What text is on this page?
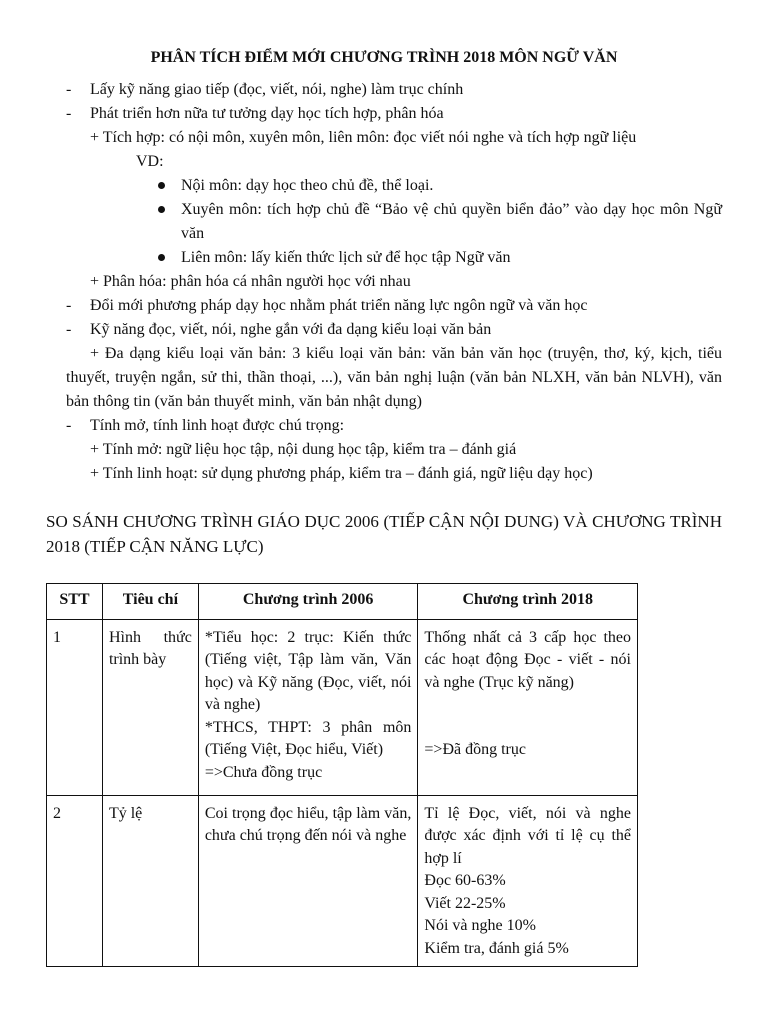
PHÂN TÍCH ĐIỂM MỚI CHƯƠNG TRÌNH 2018 MÔN NGỮ VĂN
- Lấy kỹ năng giao tiếp (đọc, viết, nói, nghe) làm trục chính
- Phát triển hơn nữa tư tưởng dạy học tích hợp, phân hóa
+ Tích hợp: có nội môn, xuyên môn, liên môn: đọc viết nói nghe và tích hợp ngữ liệu
VD:
Nội môn: dạy học theo chủ đề, thể loại.
Xuyên môn: tích hợp chủ đề “Bảo vệ chủ quyền biển đảo” vào dạy học môn Ngữ văn
Liên môn: lấy kiến thức lịch sử để học tập Ngữ văn
+ Phân hóa: phân hóa cá nhân người học với nhau
- Đổi mới phương pháp dạy học nhằm phát triển năng lực ngôn ngữ và văn học
- Kỹ năng đọc, viết, nói, nghe gắn với đa dạng kiểu loại văn bản
+ Đa dạng kiểu loại văn bản: 3 kiểu loại văn bản: văn bản văn học (truyện, thơ, ký, kịch, tiểu thuyết, truyện ngắn, sử thi, thần thoại, ...), văn bản nghị luận (văn bản NLXH, văn bản NLVH), văn bản thông tin (văn bản thuyết minh, văn bản nhật dụng)
- Tính mở, tính linh hoạt được chú trọng:
+ Tính mở: ngữ liệu học tập, nội dung học tập, kiểm tra – đánh giá
+ Tính linh hoạt: sử dụng phương pháp, kiểm tra – đánh giá, ngữ liệu dạy học)
SO SÁNH CHƯƠNG TRÌNH GIÁO DỤC 2006 (TIẾP CẬN NỘI DUNG) VÀ CHƯƠNG TRÌNH 2018 (TIẾP CẬN NĂNG LỰC)
STT	Tiêu chí	Chương trình 2006	Chương trình 2018
1	Hình thức trình bày	*Tiểu học: 2 trục: Kiến thức (Tiếng việt, Tập làm văn, Văn học) và Kỹ năng (Đọc, viết, nói và nghe)
*THCS, THPT: 3 phân môn (Tiếng Việt, Đọc hiểu, Viết)
=>Chưa đồng trục	Thống nhất cả 3 cấp học theo các hoạt động Đọc - viết - nói và nghe (Trục kỹ năng)
=>Đã đồng trục

2	Tỷ lệ	Coi trọng đọc hiểu, tập làm văn, chưa chú trọng đến nói và nghe	Tỉ lệ Đọc, viết, nói và nghe được xác định với tỉ lệ cụ thể hợp lí
Đọc 60-63%
Viết 22-25%
Nói và nghe 10%
Kiểm tra, đánh giá 5%
